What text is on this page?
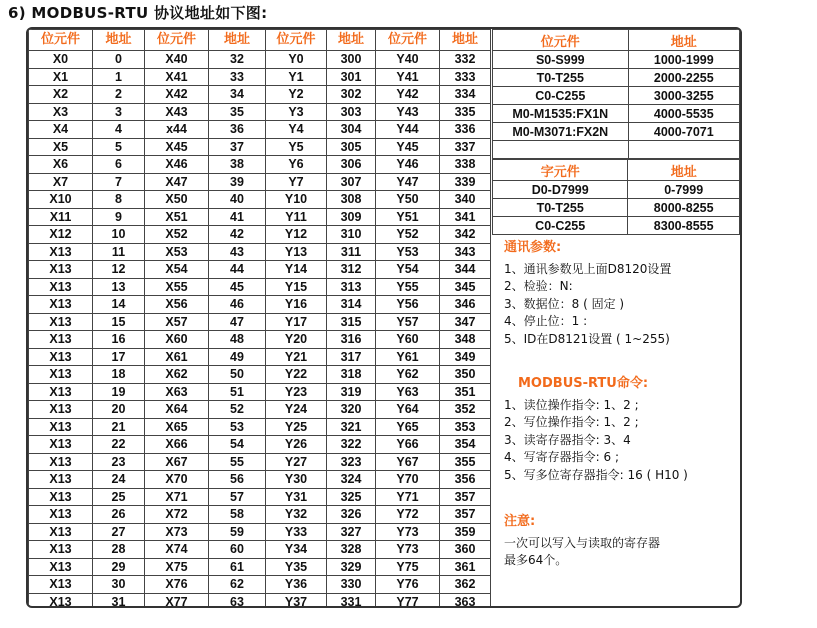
6) MODBUS-RTU 协议地址如下图:
位元件	地址	位元件	地址	位元件	地址	位元件	地址
X0	0	X40	32	Y0	300	Y40	332
X1	1	X41	33	Y1	301	Y41	333
X2	2	X42	34	Y2	302	Y42	334
X3	3	X43	35	Y3	303	Y43	335
X4	4	x44	36	Y4	304	Y44	336
X5	5	X45	37	Y5	305	Y45	337
X6	6	X46	38	Y6	306	Y46	338
X7	7	X47	39	Y7	307	Y47	339
X10	8	X50	40	Y10	308	Y50	340
X11	9	X51	41	Y11	309	Y51	341
X12	10	X52	42	Y12	310	Y52	342
X13	11	X53	43	Y13	311	Y53	343
X13	12	X54	44	Y14	312	Y54	344
X13	13	X55	45	Y15	313	Y55	345
X13	14	X56	46	Y16	314	Y56	346
X13	15	X57	47	Y17	315	Y57	347
X13	16	X60	48	Y20	316	Y60	348
X13	17	X61	49	Y21	317	Y61	349
X13	18	X62	50	Y22	318	Y62	350
X13	19	X63	51	Y23	319	Y63	351
X13	20	X64	52	Y24	320	Y64	352
X13	21	X65	53	Y25	321	Y65	353
X13	22	X66	54	Y26	322	Y66	354
X13	23	X67	55	Y27	323	Y67	355
X13	24	X70	56	Y30	324	Y70	356
X13	25	X71	57	Y31	325	Y71	357
X13	26	X72	58	Y32	326	Y72	357
X13	27	X73	59	Y33	327	Y73	359
X13	28	X74	60	Y34	328	Y73	360
X13	29	X75	61	Y35	329	Y75	361
X13	30	X76	62	Y36	330	Y76	362
X13	31	X77	63	Y37	331	Y77	363
位元件	地址
S0-S999	1000-1999
T0-T255	2000-2255
C0-C255	3000-3255
M0-M1535:FX1N	4000-5535
M0-M3071:FX2N	4000-7071

字元件	地址
D0-D7999	0-7999
T0-T255	8000-8255
C0-C255	8300-8555
通讯参数:
1、通讯参数见上面D8120设置
2、检验：N:
3、数据位：8 ( 固定 )
4、停止位：1 :
5、ID在D8121设置 ( 1~255)
MODBUS-RTU命令:
1、读位操作指令: 1、2 ;
2、写位操作指令: 1、2 ;
3、读寄存器指令: 3、4
4、写寄存器指令: 6 ;
5、写多位寄存器指令: 16 ( H10 )
注意:
一次可以写入与读取的寄存器
最多64个。
